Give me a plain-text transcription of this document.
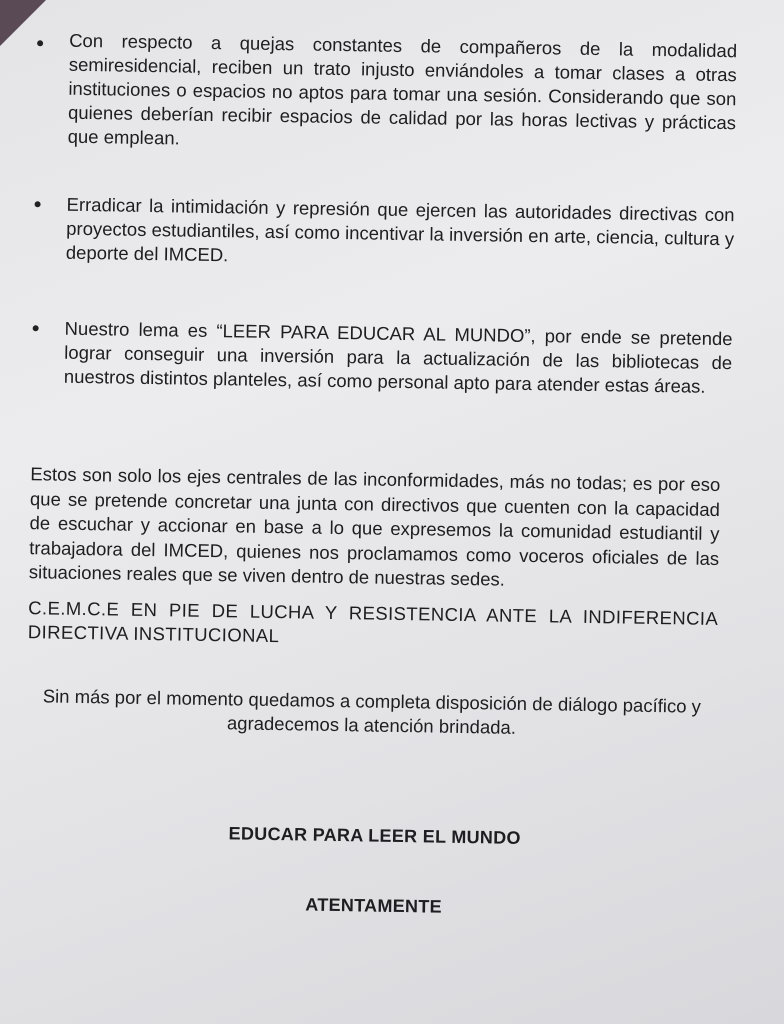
Con respecto a quejas constantes de compañeros de la modalidad semiresidencial, reciben un trato injusto enviándoles a tomar clases a otras instituciones o espacios no aptos para tomar una sesión. Considerando que son quienes deberían recibir espacios de calidad por las horas lectivas y prácticas que emplean.
Erradicar la intimidación y represión que ejercen las autoridades directivas con proyectos estudiantiles, así como incentivar la inversión en arte, ciencia, cultura y deporte del IMCED.
Nuestro lema es “LEER PARA EDUCAR AL MUNDO”, por ende se pretende lograr conseguir una inversión para la actualización de las bibliotecas de nuestros distintos planteles, así como personal apto para atender estas áreas.
Estos son solo los ejes centrales de las inconformidades, más no todas; es por eso que se pretende concretar una junta con directivos que cuenten con la capacidad de escuchar y accionar en base a lo que expresemos la comunidad estudiantil y trabajadora del IMCED, quienes nos proclamamos como voceros oficiales de las situaciones reales que se viven dentro de nuestras sedes.
C.E.M.C.E EN PIE DE LUCHA Y RESISTENCIA ANTE LA INDIFERENCIA DIRECTIVA INSTITUCIONAL
Sin más por el momento quedamos a completa disposición de diálogo pacífico y agradecemos la atención brindada.
EDUCAR PARA LEER EL MUNDO
ATENTAMENTE
